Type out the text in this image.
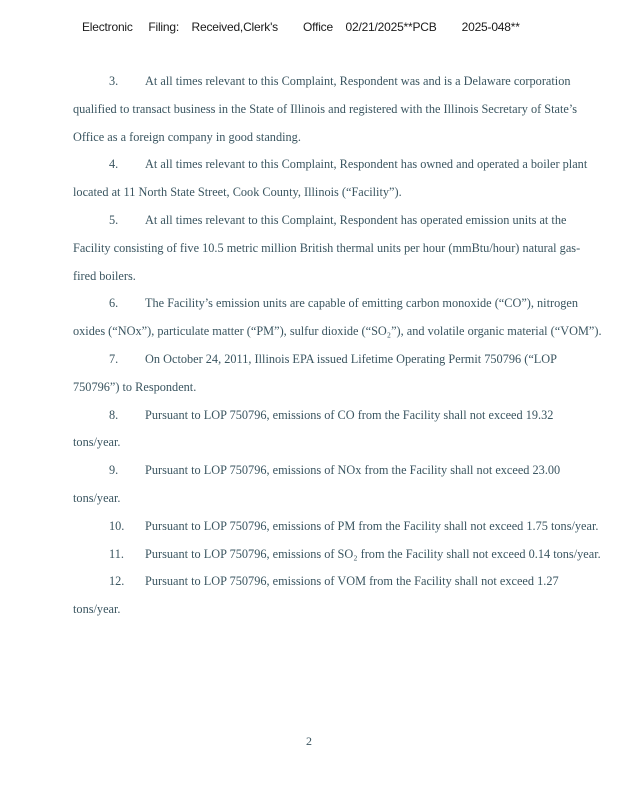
Electronic     Filing:    Received,Clerk's        Office    02/21/2025**PCB        2025-048**

3. At all times relevant to this Complaint, Respondent was and is a Delaware corporation qualified to transact business in the State of Illinois and registered with the Illinois Secretary of State’s Office as a foreign company in good standing.

4. At all times relevant to this Complaint, Respondent has owned and operated a boiler plant located at 11 North State Street, Cook County, Illinois (“Facility”).

5. At all times relevant to this Complaint, Respondent has operated emission units at the Facility consisting of five 10.5 metric million British thermal units per hour (mmBtu/hour) natural gas-fired boilers.

6. The Facility’s emission units are capable of emitting carbon monoxide (“CO”), nitrogen oxides (“NOx”), particulate matter (“PM”), sulfur dioxide (“SO₂”), and volatile organic material (“VOM”).

7. On October 24, 2011, Illinois EPA issued Lifetime Operating Permit 750796 (“LOP 750796”) to Respondent.

8. Pursuant to LOP 750796, emissions of CO from the Facility shall not exceed 19.32 tons/year.

9. Pursuant to LOP 750796, emissions of NOx from the Facility shall not exceed 23.00 tons/year.

10. Pursuant to LOP 750796, emissions of PM from the Facility shall not exceed 1.75 tons/year.

11. Pursuant to LOP 750796, emissions of SO₂ from the Facility shall not exceed 0.14 tons/year.

12. Pursuant to LOP 750796, emissions of VOM from the Facility shall not exceed 1.27 tons/year.

2
